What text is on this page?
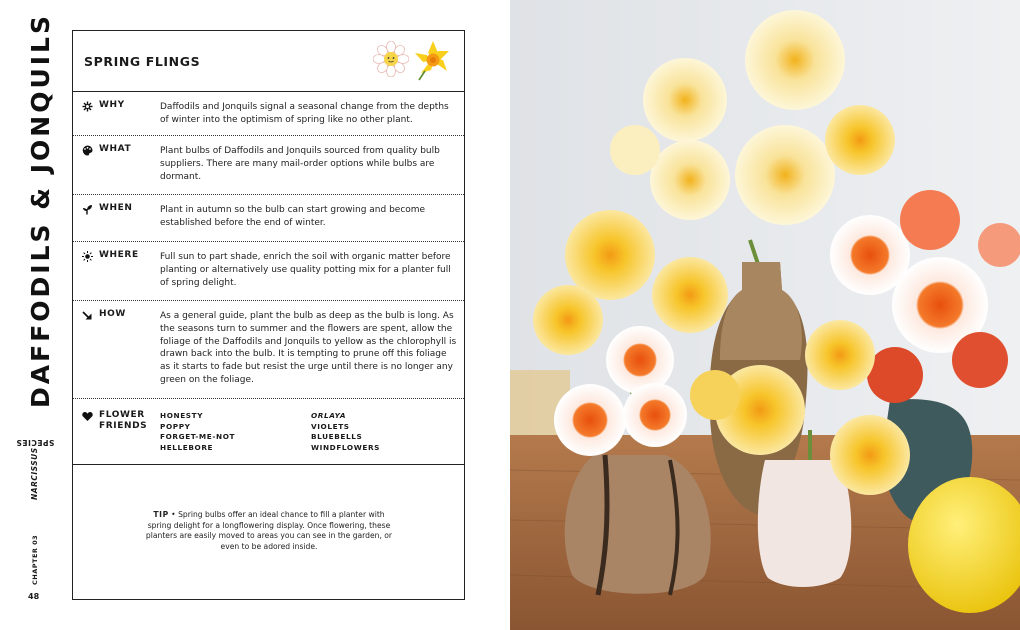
DAFFODILS & JONQUILS
NARCISSUSSPECIES
CHAPTER 03
48
SPRING FLINGS
WHY	Daffodils and Jonquils signal a seasonal change from the depths of winter into the optimism of spring like no other plant.
WHAT	Plant bulbs of Daffodils and Jonquils sourced from quality bulb suppliers. There are many mail-order options while bulbs are dormant.
WHEN	Plant in autumn so the bulb can start growing and become established before the end of winter.
WHERE Full sun to part shade, enrich the soil with organic matter before planting or alternatively use quality potting mix for a planter full of spring delight.
HOW	As a general guide, plant the bulb as deep as the bulb is long. As the seasons turn to summer and the flowers are spent, allow the foliage of the Daffodils and Jonquils to yellow as the chlorophyll is drawn back into the bulb. It is tempting to prune off this foliage as it starts to fade but resist the urge until there is no longer any green on the foliage.
FLOWER
FRIENDS
HONESTY	ORLAYA
POPPY	VIOLETS
FORGET-ME-NOT	BLUEBELLS
HELLEBORE	WINDFLOWERS
TIP • Spring bulbs offer an ideal chance to fill a planter with spring delight for a longflowering display. Once flowering, these planters are easily moved to areas you can see in the garden, or even to be adored inside.
